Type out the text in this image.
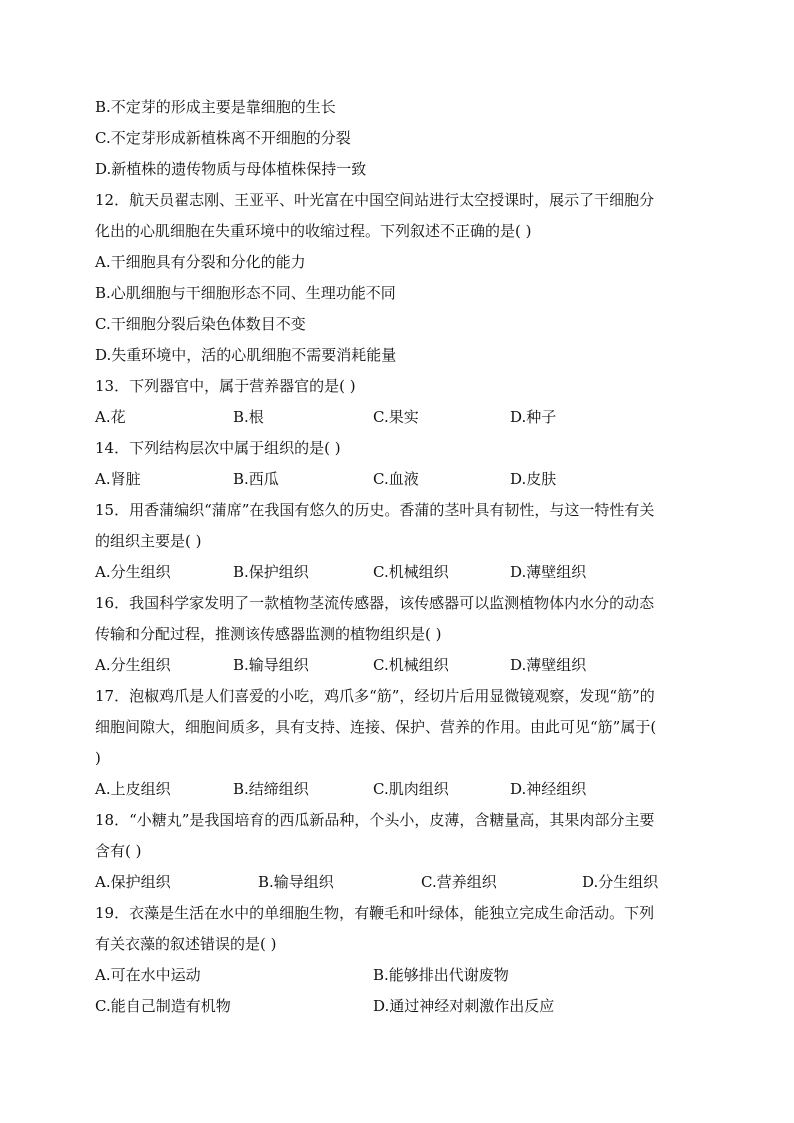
B.不定芽的形成主要是靠细胞的生长
C.不定芽形成新植株离不开细胞的分裂
D.新植株的遗传物质与母体植株保持一致
12．航天员翟志刚、王亚平、叶光富在中国空间站进行太空授课时，展示了干细胞分
化出的心肌细胞在失重环境中的收缩过程。下列叙述不正确的是( )
A.干细胞具有分裂和分化的能力
B.心肌细胞与干细胞形态不同、生理功能不同
C.干细胞分裂后染色体数目不变
D.失重环境中，活的心肌细胞不需要消耗能量
13．下列器官中，属于营养器官的是( )
A.花	B.根	C.果实	D.种子
14．下列结构层次中属于组织的是( )
A.肾脏	B.西瓜	C.血液	D.皮肤
15．用香蒲编织“蒲席”在我国有悠久的历史。香蒲的茎叶具有韧性，与这一特性有关
的组织主要是( )
A.分生组织	B.保护组织	C.机械组织	D.薄壁组织
16．我国科学家发明了一款植物茎流传感器，该传感器可以监测植物体内水分的动态
传输和分配过程，推测该传感器监测的植物组织是( )
A.分生组织	B.输导组织	C.机械组织	D.薄壁组织
17．泡椒鸡爪是人们喜爱的小吃，鸡爪多“筋”，经切片后用显微镜观察，发现“筋”的
细胞间隙大，细胞间质多，具有支持、连接、保护、营养的作用。由此可见“筋”属于(
)
A.上皮组织	B.结缔组织	C.肌肉组织	D.神经组织
18．“小糖丸”是我国培育的西瓜新品种，个头小，皮薄，含糖量高，其果肉部分主要
含有( )
A.保护组织	B.输导组织	C.营养组织	D.分生组织
19．衣藻是生活在水中的单细胞生物，有鞭毛和叶绿体，能独立完成生命活动。下列
有关衣藻的叙述错误的是( )
A.可在水中运动	B.能够排出代谢废物
C.能自己制造有机物	D.通过神经对刺激作出反应
